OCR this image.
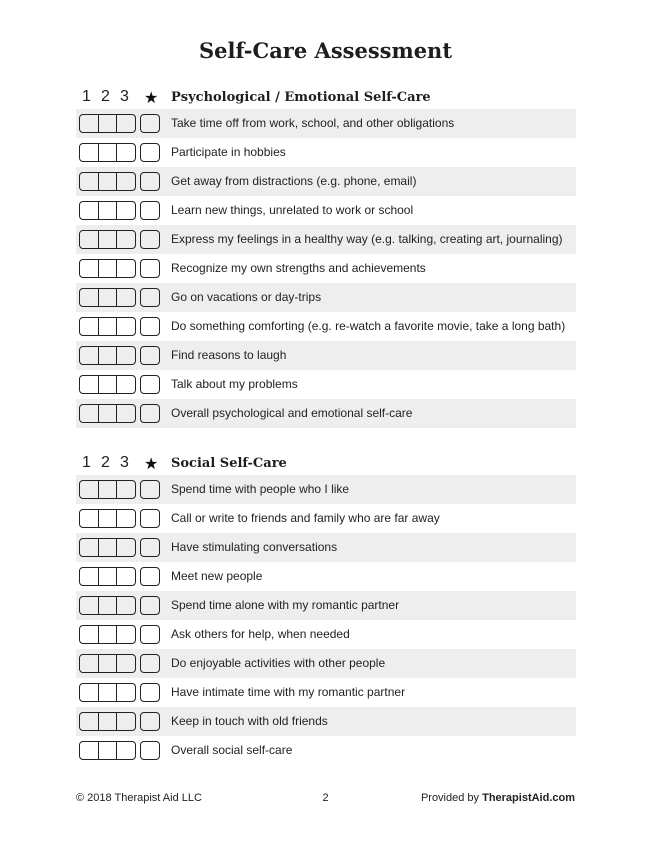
Self-Care Assessment
1 2 3 ★ Psychological / Emotional Self-Care
Take time off from work, school, and other obligations
Participate in hobbies
Get away from distractions (e.g. phone, email)
Learn new things, unrelated to work or school
Express my feelings in a healthy way (e.g. talking, creating art, journaling)
Recognize my own strengths and achievements
Go on vacations or day-trips
Do something comforting (e.g. re-watch a favorite movie, take a long bath)
Find reasons to laugh
Talk about my problems
Overall psychological and emotional self-care
1 2 3 ★ Social Self-Care
Spend time with people who I like
Call or write to friends and family who are far away
Have stimulating conversations
Meet new people
Spend time alone with my romantic partner
Ask others for help, when needed
Do enjoyable activities with other people
Have intimate time with my romantic partner
Keep in touch with old friends
Overall social self-care
© 2018 Therapist Aid LLC	2	Provided by TherapistAid.com
